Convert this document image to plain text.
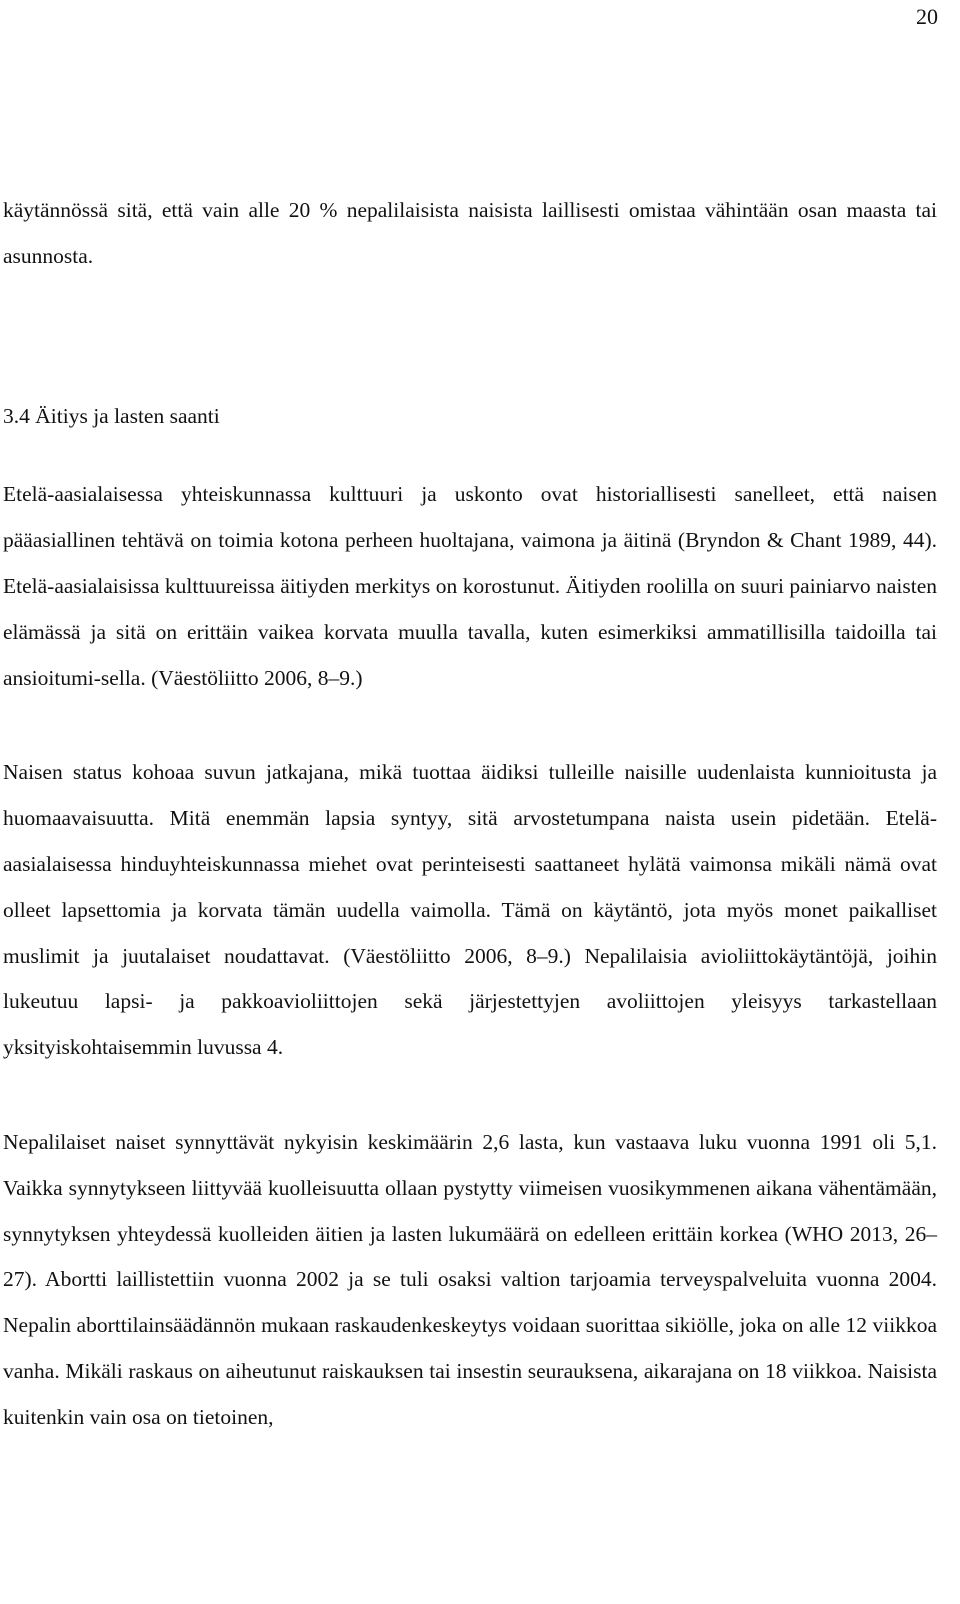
20

käytännössä sitä, että vain alle 20 % nepalilaisista naisista laillisesti omistaa vähintään osan maasta tai asunnosta.

3.4 Äitiys ja lasten saanti

Etelä-aasialaisessa yhteiskunnassa kulttuuri ja uskonto ovat historiallisesti sanelleet, että naisen pääasiallinen tehtävä on toimia kotona perheen huoltajana, vaimona ja äitinä (Bryndon & Chant 1989, 44). Etelä-aasialaisissa kulttuureissa äitiyden merkitys on korostunut. Äitiyden roolilla on suuri painiarvo naisten elämässä ja sitä on erittäin vaikea korvata muulla tavalla, kuten esimerkiksi ammatillisilla taidoilla tai ansioitumi-sella. (Väestöliitto 2006, 8–9.)

Naisen status kohoaa suvun jatkajana, mikä tuottaa äidiksi tulleille naisille uudenlaista kunnioitusta ja huomaavaisuutta. Mitä enemmän lapsia syntyy, sitä arvostetumpana naista usein pidetään. Etelä-aasialaisessa hinduyhteiskunnassa miehet ovat perinteisesti saattaneet hylätä vaimonsa mikäli nämä ovat olleet lapsettomia ja korvata tämän uudella vaimolla. Tämä on käytäntö, jota myös monet paikalliset muslimit ja juutalaiset noudattavat. (Väestöliitto 2006, 8–9.) Nepalilaisia avioliittokäytäntöjä, joihin lukeutuu lapsi- ja pakkoavioliittojen sekä järjestettyjen avoliittojen yleisyys tarkastellaan yksityiskohtaisemmin luvussa 4.

Nepalilaiset naiset synnyttävät nykyisin keskimäärin 2,6 lasta, kun vastaava luku vuonna 1991 oli 5,1. Vaikka synnytykseen liittyvää kuolleisuutta ollaan pystytty viimeisen vuosikymmenen aikana vähentämään, synnytyksen yhteydessä kuolleiden äitien ja lasten lukumäärä on edelleen erittäin korkea (WHO 2013, 26–27). Abortti laillistettiin vuonna 2002 ja se tuli osaksi valtion tarjoamia terveyspalveluita vuonna 2004. Nepalin aborttilainsäädännön mukaan raskaudenkeskeytys voidaan suorittaa sikiölle, joka on alle 12 viikkoa vanha. Mikäli raskaus on aiheutunut raiskauksen tai insestin seurauksena, aikarajana on 18 viikkoa. Naisista kuitenkin vain osa on tietoinen,
